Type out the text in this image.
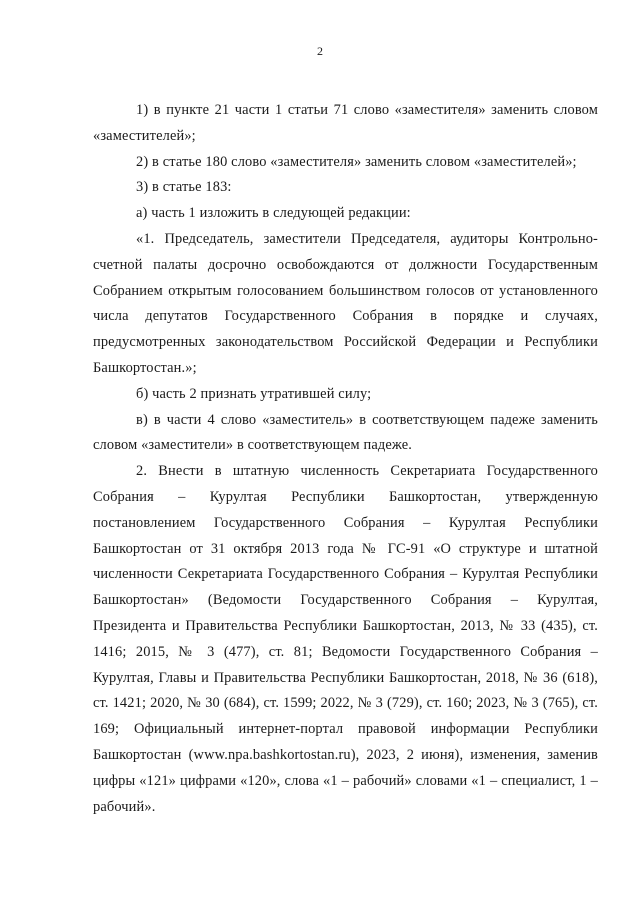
2

1) в пункте 21 части 1 статьи 71 слово «заместителя» заменить словом «заместителей»;

2) в статье 180 слово «заместителя» заменить словом «заместителей»;

3) в статье 183:

а) часть 1 изложить в следующей редакции:

«1. Председатель, заместители Председателя, аудиторы Контрольно-счетной палаты досрочно освобождаются от должности Государственным Собранием открытым голосованием большинством голосов от установленного числа депутатов Государственного Собрания в порядке и случаях, предусмотренных законодательством Российской Федерации и Республики Башкортостан.»;

б) часть 2 признать утратившей силу;

в) в части 4 слово «заместитель» в соответствующем падеже заменить словом «заместители» в соответствующем падеже.

2. Внести в штатную численность Секретариата Государственного Собрания – Курултая Республики Башкортостан, утвержденную постановлением Государственного Собрания – Курултая Республики Башкортостан от 31 октября 2013 года № ГС-91 «О структуре и штатной численности Секретариата Государственного Собрания – Курултая Республики Башкортостан» (Ведомости Государственного Собрания – Курултая, Президента и Правительства Республики Башкортостан, 2013, № 33 (435), ст. 1416; 2015, № 3 (477), ст. 81; Ведомости Государственного Собрания – Курултая, Главы и Правительства Республики Башкортостан, 2018, № 36 (618), ст. 1421; 2020, № 30 (684), ст. 1599; 2022, № 3 (729), ст. 160; 2023, № 3 (765), ст. 169; Официальный интернет-портал правовой информации Республики Башкортостан (www.npa.bashkortostan.ru), 2023, 2 июня), изменения, заменив цифры «121» цифрами «120», слова «1 – рабочий» словами «1 – специалист, 1 – рабочий».
